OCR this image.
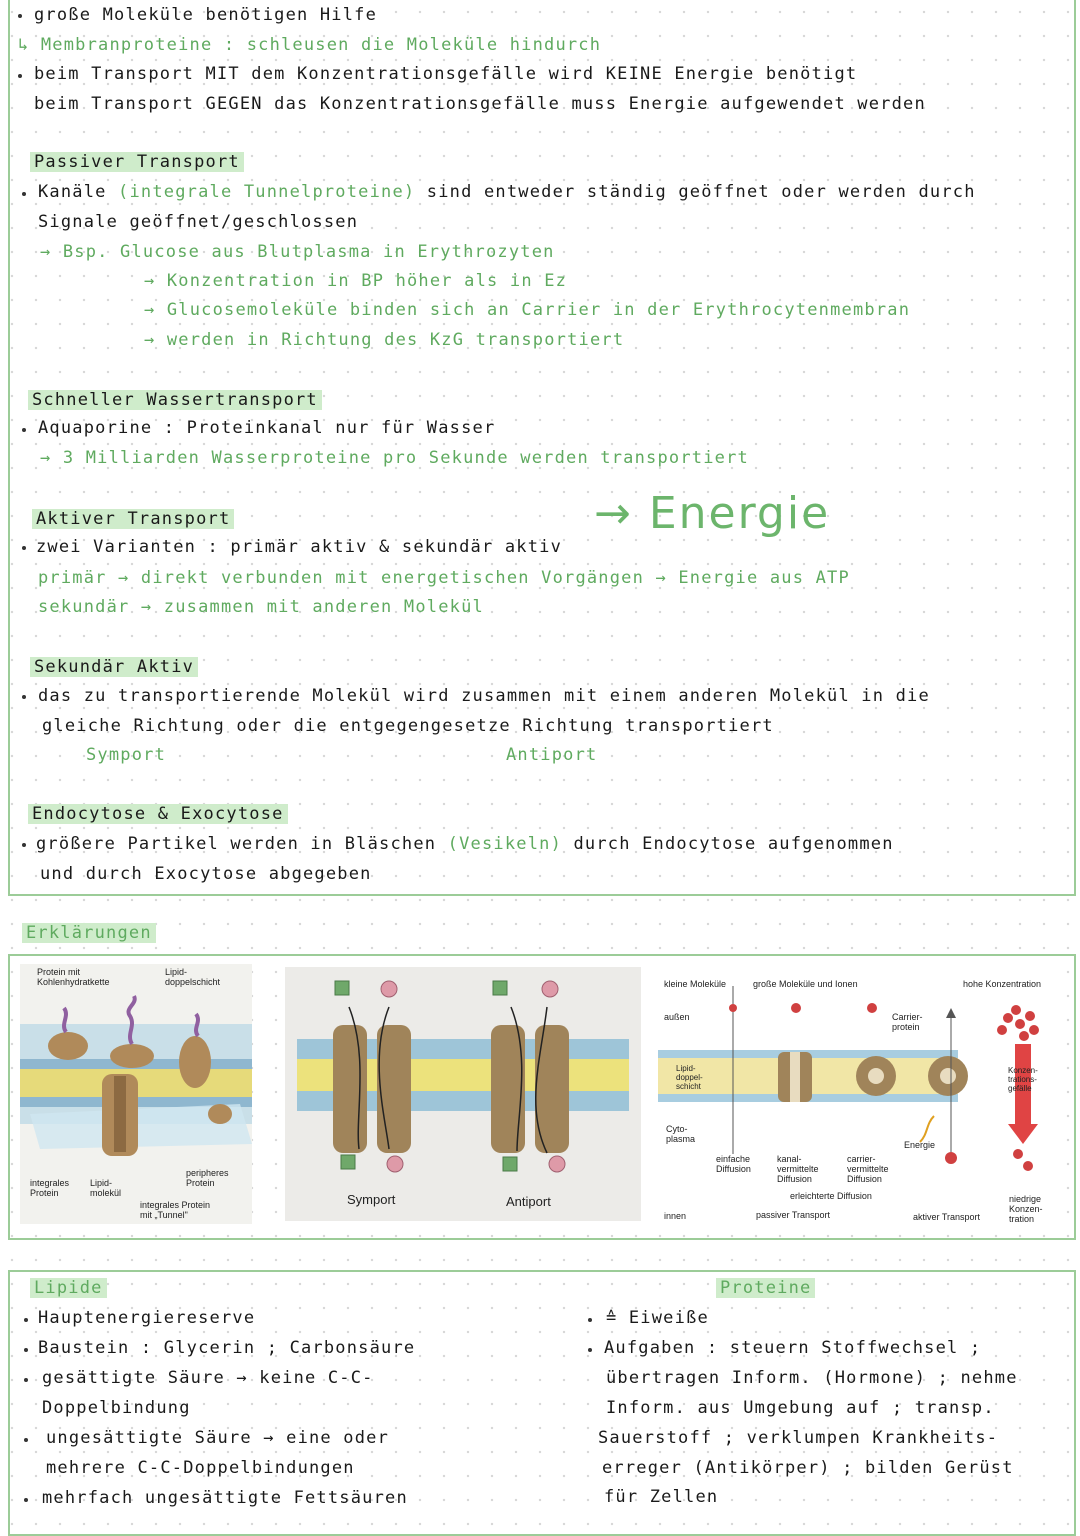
große Moleküle benötigen Hilfe
↳ Membranproteine : schleusen die Moleküle hindurch
beim Transport MIT dem Konzentrationsgefälle wird KEINE Energie benötigt
beim Transport GEGEN das Konzentrationsgefälle muss Energie aufgewendet werden
Passiver Transport
Kanäle (integrale Tunnelproteine) sind entweder ständig geöffnet oder werden durch
Signale geöffnet/geschlossen
→ Bsp. Glucose aus Blutplasma in Erythrozyten
→ Konzentration in BP höher als in Ez
→ Glucosemoleküle binden sich an Carrier in der Erythrocytenmembran
→ werden in Richtung des KzG transportiert
Schneller Wassertransport
Aquaporine : Proteinkanal nur für Wasser
→ 3 Milliarden Wasserproteine pro Sekunde werden transportiert
Aktiver Transport	→ Energie
zwei Varianten : primär aktiv & sekundär aktiv
primär → direkt verbunden mit energetischen Vorgängen → Energie aus ATP
sekundär → zusammen mit anderen Molekül
Sekundär Aktiv
das zu transportierende Molekül wird zusammen mit einem anderen Molekül in die
gleiche Richtung oder die entgegengesetze Richtung transportiert
Symport	Antiport
Endocytose & Exocytose
größere Partikel werden in Bläschen (Vesikeln) durch Endocytose aufgenommen
und durch Exocytose abgegeben
Erklärungen
Protein mit
Kohlenhydratkette
Lipid-
doppelschicht
integrales
Protein
Lipid-
molekül
peripheres
Protein
integrales Protein
mit „Tunnel"
Symport	Antiport
kleine Moleküle	große Moleküle und Ionen	hohe Konzentration
außen	Carrier-
protein
Lipid-
doppel-
schicht
Cyto-
plasma
Konzen-
trations-
gefälle
Energie
einfache
Diffusion
kanal-
vermittelte
Diffusion
carrier-
vermittelte
Diffusion
erleichterte Diffusion
innen	passiver Transport	aktiver Transport
niedrige
Konzen-
tration
Lipide
Hauptenergiereserve
Baustein : Glycerin ; Carbonsäure
gesättigte Säure → keine C-C-
Doppelbindung
ungesättigte Säure → eine oder
mehrere C-C-Doppelbindungen
mehrfach ungesättigte Fettsäuren
Proteine
≙ Eiweiße
Aufgaben : steuern Stoffwechsel ;
übertragen Inform. (Hormone) ; nehme
Inform. aus Umgebung auf ; transp.
Sauerstoff ; verklumpen Krankheits-
erreger (Antikörper) ; bilden Gerüst
für Zellen
